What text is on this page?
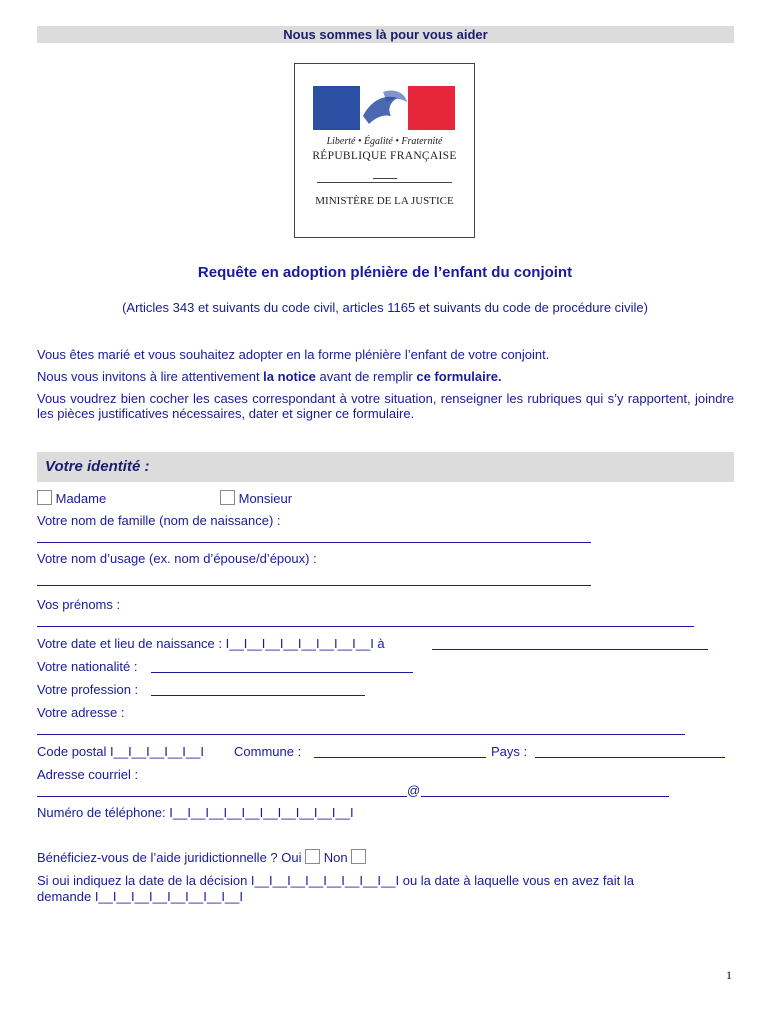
Nous sommes là pour vous aider
Liberté • Égalité • Fraternité
RÉPUBLIQUE FRANÇAISE
MINISTÈRE DE LA JUSTICE
Requête en adoption plénière de l’enfant du conjoint
(Articles 343 et suivants du code civil, articles 1165 et suivants du code de procédure civile)
Vous êtes marié et vous souhaitez adopter en la forme plénière l’enfant de votre conjoint.
Nous vous invitons à lire attentivement la notice avant de remplir ce formulaire.
Vous voudrez bien cocher les cases correspondant à votre situation, renseigner les rubriques qui s’y rapportent, joindre les pièces justificatives nécessaires, dater et signer ce formulaire.
Votre identité :
Madame	Monsieur
Votre nom de famille (nom de naissance) :
Votre nom d’usage (ex. nom d’épouse/d’époux) :
Vos prénoms :
Votre date et lieu de naissance : I__I__I__I__I__I__I__I__I à
Votre nationalité :
Votre profession :
Votre adresse :
Code postal I__I__I__I__I__I Commune :	Pays :
Adresse courriel :
@
Numéro de téléphone: I__I__I__I__I__I__I__I__I__I__I
Bénéficiez-vous de l’aide juridictionnelle ? Oui Non
Si oui indiquez la date de la décision I__I__I__I__I__I__I__I__I ou la date à laquelle vous en avez fait la
demande I__I__I__I__I__I__I__I__I
1
